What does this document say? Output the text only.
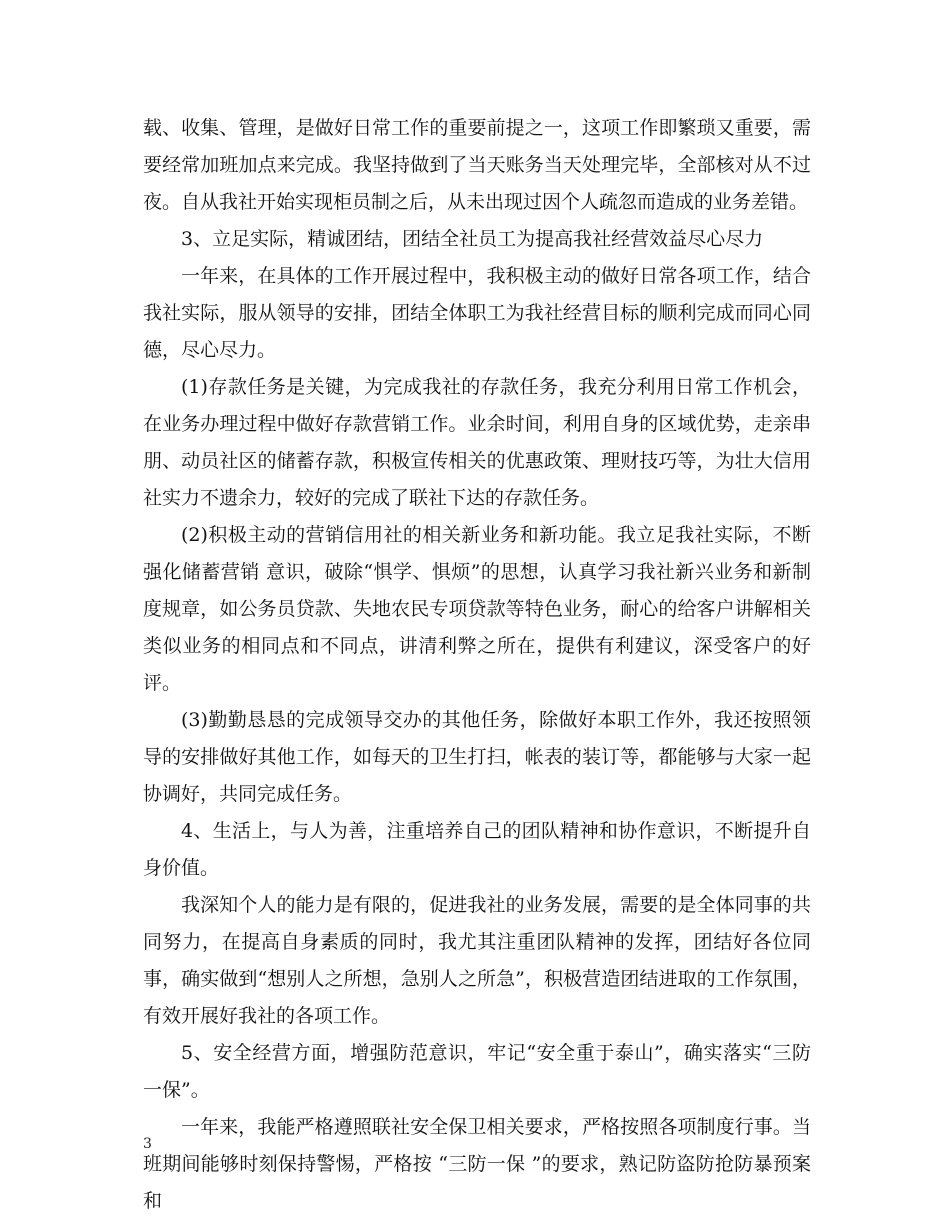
载、收集、管理，是做好日常工作的重要前提之一，这项工作即繁琐又重要，需要经常加班加点来完成。我坚持做到了当天账务当天处理完毕，全部核对从不过夜。自从我社开始实现柜员制之后，从未出现过因个人疏忽而造成的业务差错。

3、立足实际，精诚团结，团结全社员工为提高我社经营效益尽心尽力

一年来，在具体的工作开展过程中，我积极主动的做好日常各项工作，结合我社实际，服从领导的安排，团结全体职工为我社经营目标的顺利完成而同心同德，尽心尽力。

(1)存款任务是关键，为完成我社的存款任务，我充分利用日常工作机会，在业务办理过程中做好存款营销工作。业余时间，利用自身的区域优势，走亲串朋、动员社区的储蓄存款，积极宣传相关的优惠政策、理财技巧等，为壮大信用社实力不遗余力，较好的完成了联社下达的存款任务。

(2)积极主动的营销信用社的相关新业务和新功能。我立足我社实际，不断强化储蓄营销 意识，破除“惧学、惧烦”的思想，认真学习我社新兴业务和新制度规章，如公务员贷款、失地农民专项贷款等特色业务，耐心的给客户讲解相关类似业务的相同点和不同点，讲清利弊之所在，提供有利建议，深受客户的好评。

(3)勤勤恳恳的完成领导交办的其他任务，除做好本职工作外，我还按照领导的安排做好其他工作，如每天的卫生打扫，帐表的装订等，都能够与大家一起协调好，共同完成任务。

4、生活上，与人为善，注重培养自己的团队精神和协作意识，不断提升自身价值。

我深知个人的能力是有限的，促进我社的业务发展，需要的是全体同事的共同努力，在提高自身素质的同时，我尤其注重团队精神的发挥，团结好各位同事，确实做到“想别人之所想，急别人之所急”，积极营造团结进取的工作氛围，有效开展好我社的各项工作。

5、安全经营方面，增强防范意识，牢记“安全重于泰山”，确实落实“三防一保”。

一年来，我能严格遵照联社安全保卫相关要求，严格按照各项制度行事。当班期间能够时刻保持警惕，严格按 “三防一保 ”的要求，熟记防盗防抢防暴预案和

3
